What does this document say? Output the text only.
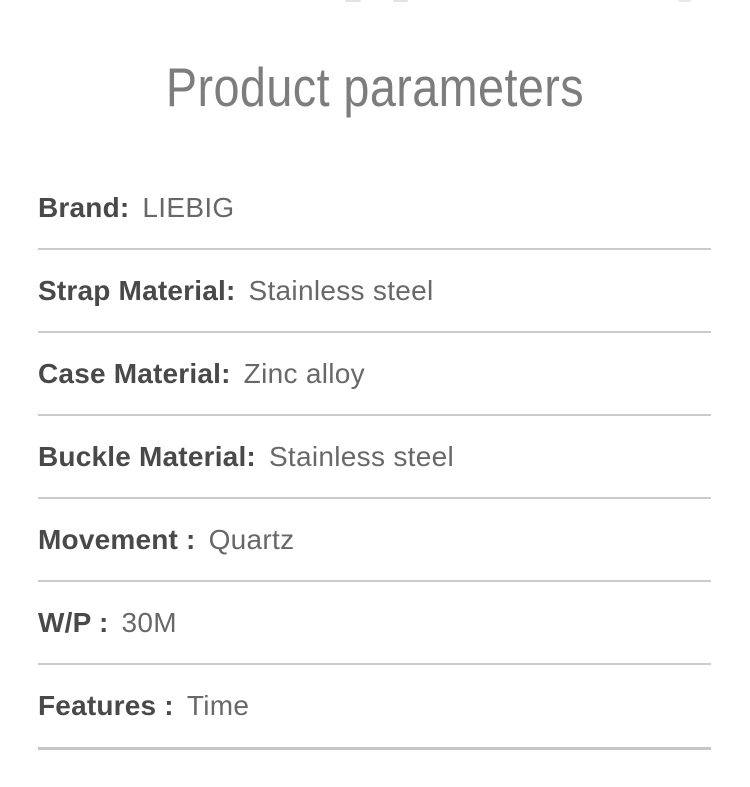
Product parameters
Brand: LIEBIG
Strap Material: Stainless steel
Case Material: Zinc alloy
Buckle Material: Stainless steel
Movement : Quartz
W/P : 30M
Features : Time
